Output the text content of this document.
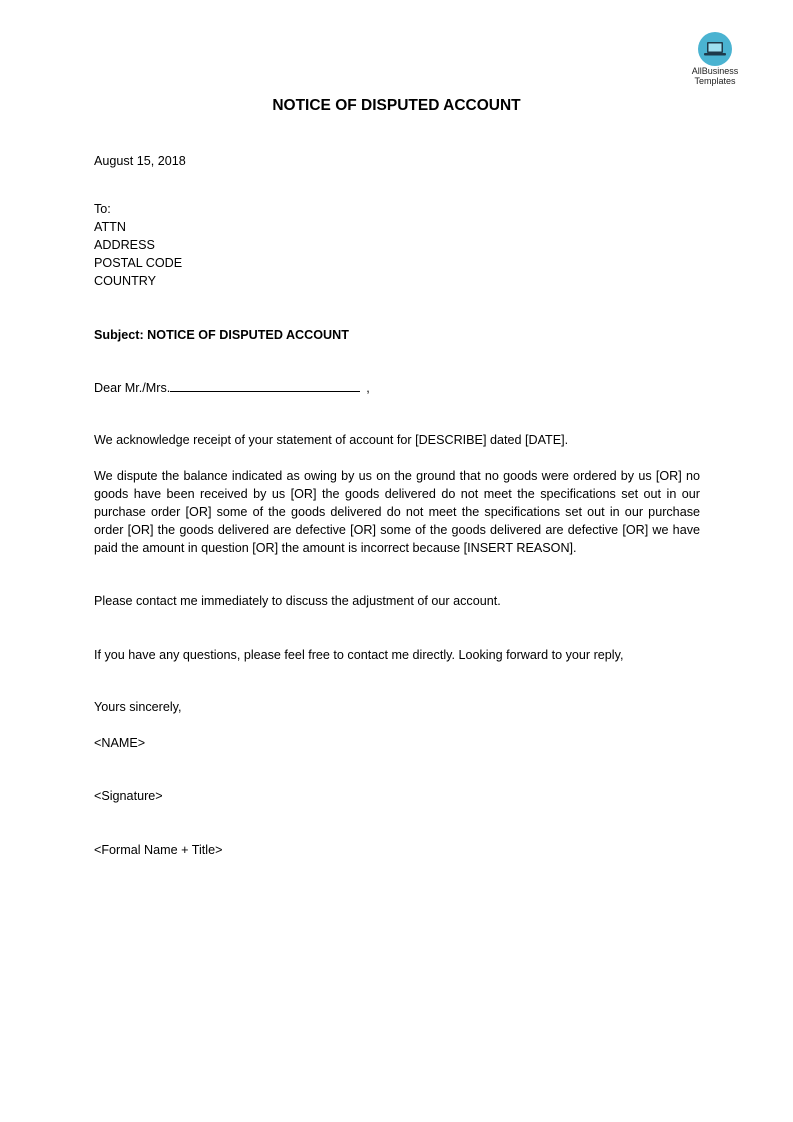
AllBusiness
Templates
NOTICE OF DISPUTED ACCOUNT
August 15, 2018
To:
ATTN
ADDRESS
POSTAL CODE
COUNTRY
Subject: NOTICE OF DISPUTED ACCOUNT
Dear Mr./Mrs.	,
We acknowledge receipt of your statement of account for [DESCRIBE] dated [DATE].
We dispute the balance indicated as owing by us on the ground that no goods were ordered by us [OR] no goods have been received by us [OR] the goods delivered do not meet the specifications set out in our purchase order [OR] some of the goods delivered do not meet the specifications set out in our purchase order [OR] the goods delivered are defective [OR] some of the goods delivered are defective [OR] we have paid the amount in question [OR] the amount is incorrect because [INSERT REASON].
Please contact me immediately to discuss the adjustment of our account.
If you have any questions, please feel free to contact me directly. Looking forward to your reply,
Yours sincerely,
<NAME>
<Signature>
<Formal Name + Title>
